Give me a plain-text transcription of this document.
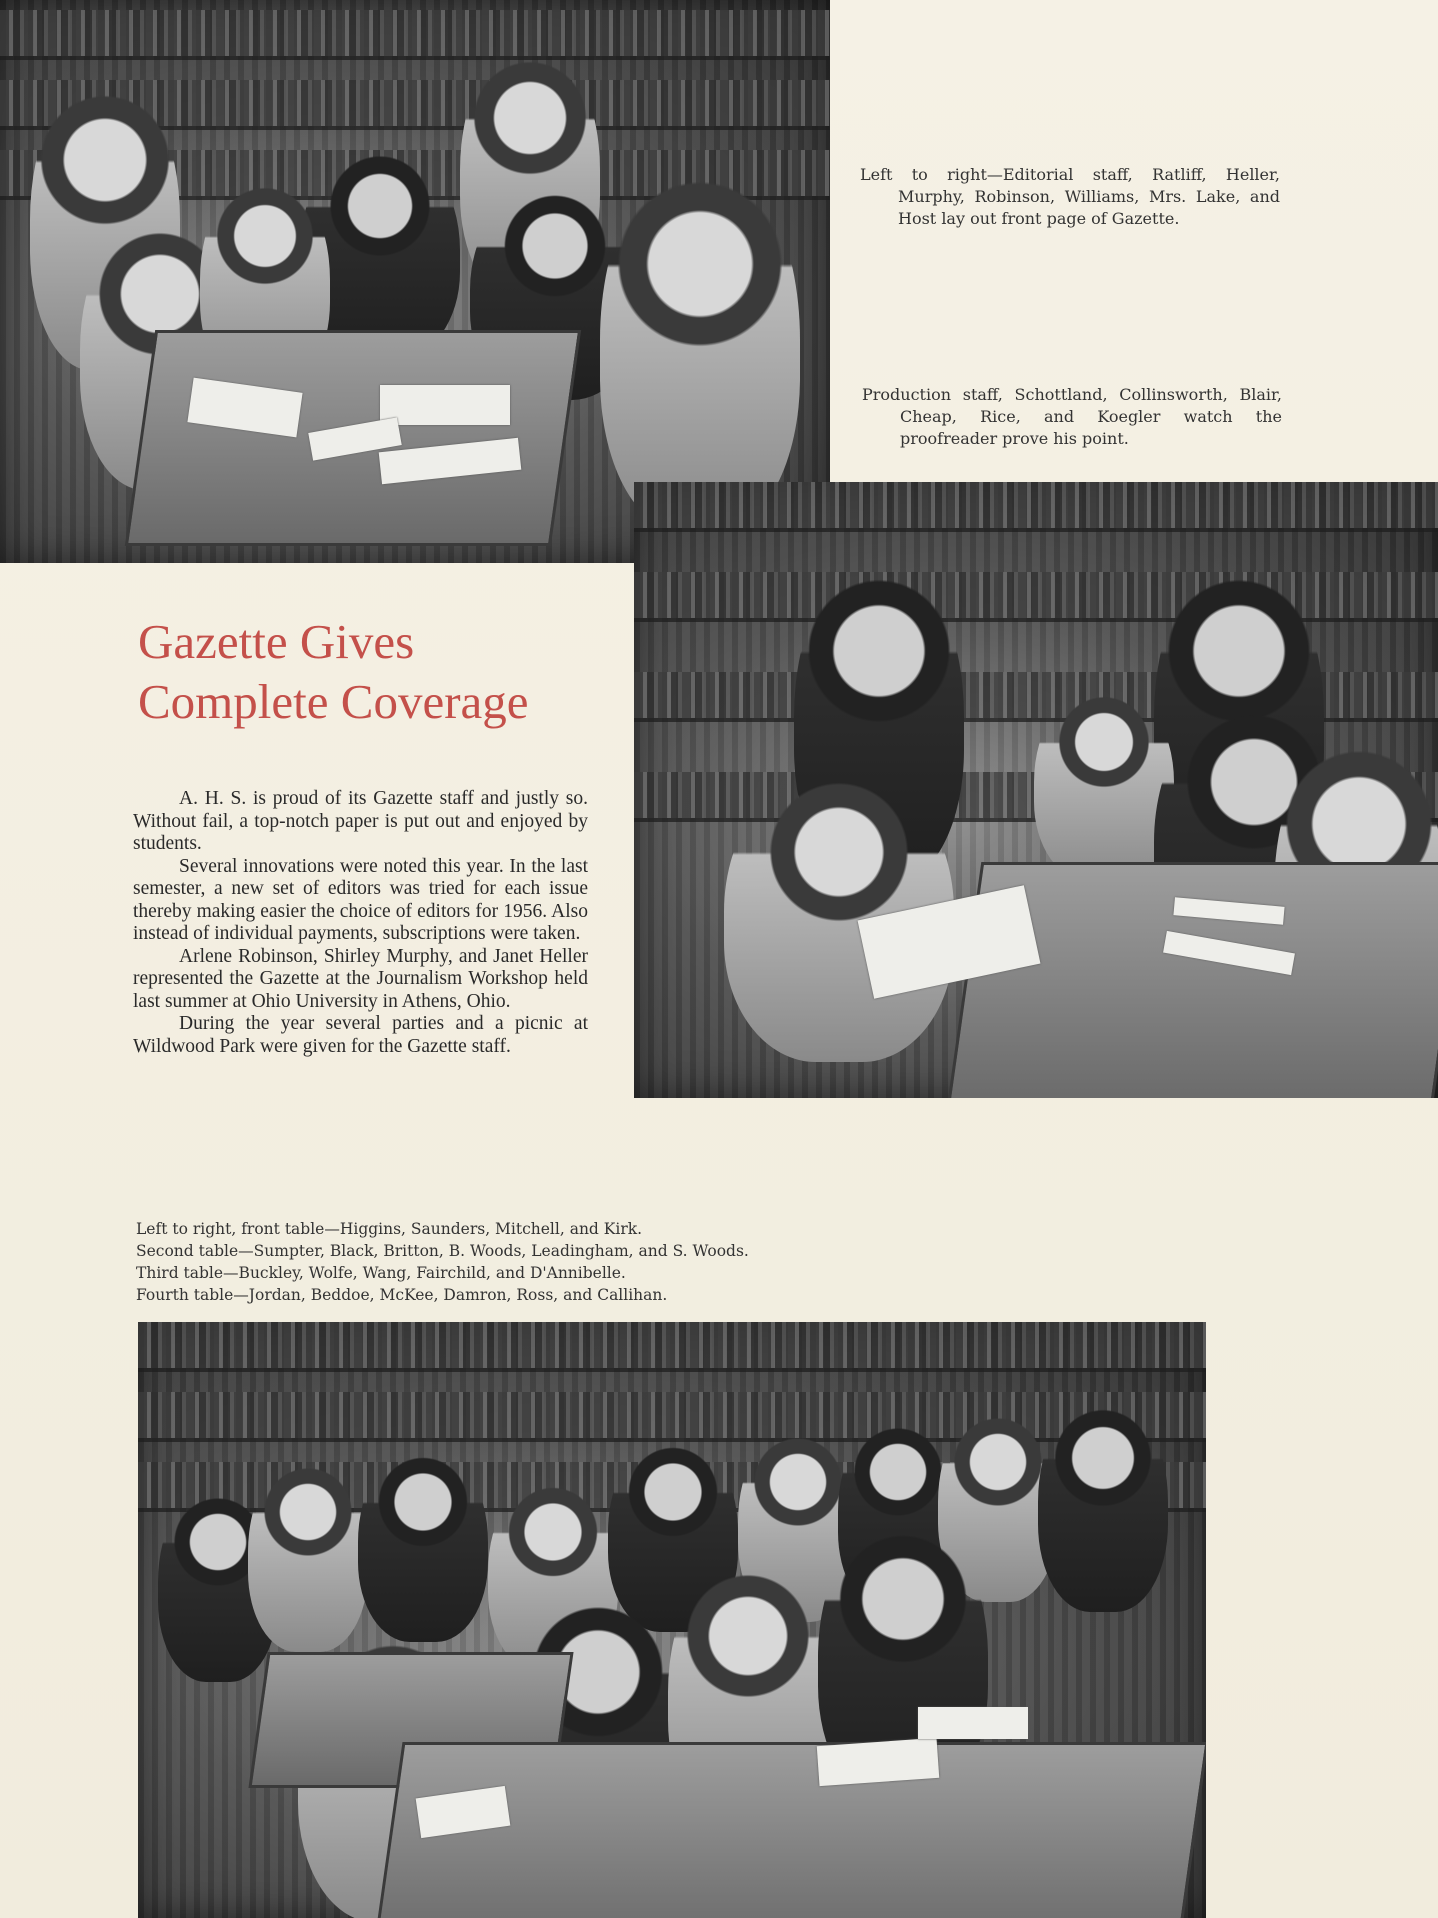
Left to right—Editorial staff, Ratliff, Heller, Murphy, Robinson, Williams, Mrs. Lake, and Host lay out front page of Gazette.

Production staff, Schottland, Collinsworth, Blair, Cheap, Rice, and Koegler watch the proofreader prove his point.

Gazette Gives
Complete Coverage

A. H. S. is proud of its Gazette staff and justly so. Without fail, a top-notch paper is put out and enjoyed by students.

Several innovations were noted this year. In the last semester, a new set of editors was tried for each issue thereby making easier the choice of editors for 1956. Also instead of individual payments, subscriptions were taken.

Arlene Robinson, Shirley Murphy, and Janet Heller represented the Gazette at the Journalism Workshop held last summer at Ohio University in Athens, Ohio.

During the year several parties and a picnic at Wildwood Park were given for the Gazette staff.

Left to right, front table—Higgins, Saunders, Mitchell, and Kirk.

Second table—Sumpter, Black, Britton, B. Woods, Leadingham, and S. Woods.

Third table—Buckley, Wolfe, Wang, Fairchild, and D'Annibelle.

Fourth table—Jordan, Beddoe, McKee, Damron, Ross, and Callihan.
